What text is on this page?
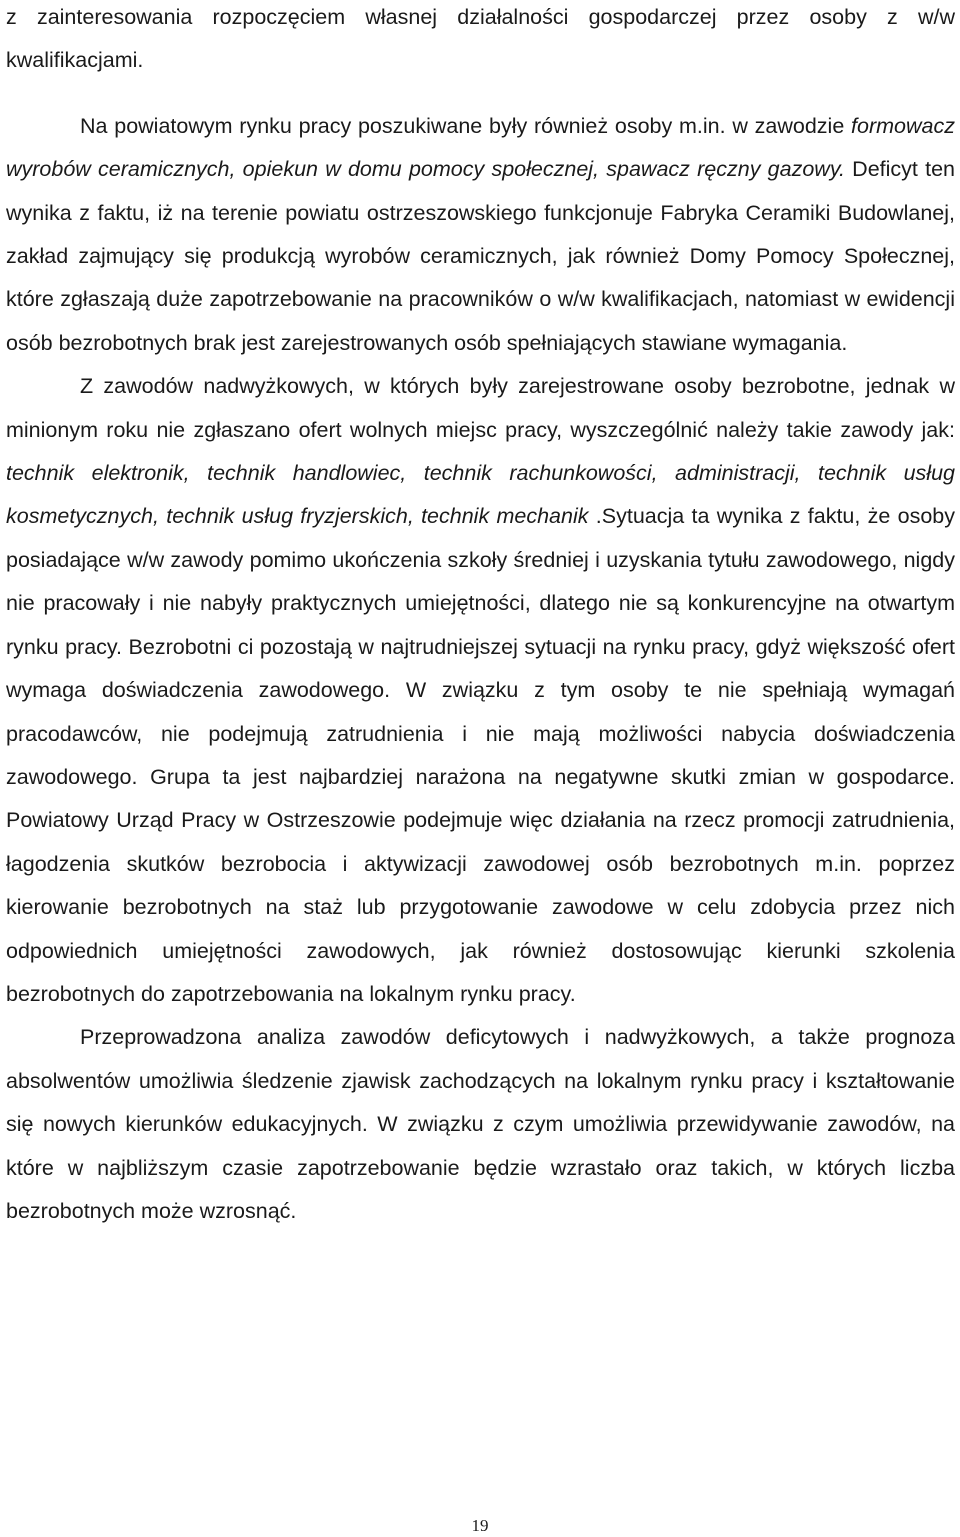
z zainteresowania rozpoczęciem własnej działalności gospodarczej przez osoby z w/w kwalifikacjami.

Na powiatowym rynku pracy poszukiwane były również osoby m.in. w zawodzie formowacz wyrobów ceramicznych, opiekun w domu pomocy społecznej, spawacz ręczny gazowy. Deficyt ten wynika z faktu, iż na terenie powiatu ostrzeszowskiego funkcjonuje Fabryka Ceramiki Budowlanej, zakład zajmujący się produkcją wyrobów ceramicznych, jak również Domy Pomocy Społecznej, które zgłaszają duże zapotrzebowanie na pracowników o w/w kwalifikacjach, natomiast w ewidencji osób bezrobotnych brak jest zarejestrowanych osób spełniających stawiane wymagania.

Z zawodów nadwyżkowych, w których były zarejestrowane osoby bezrobotne, jednak w minionym roku nie zgłaszano ofert wolnych miejsc pracy, wyszczególnić należy takie zawody jak: technik elektronik, technik handlowiec, technik rachunkowości, administracji, technik usług kosmetycznych, technik usług fryzjerskich, technik mechanik .Sytuacja ta wynika z faktu, że osoby posiadające w/w zawody pomimo ukończenia szkoły średniej i uzyskania tytułu zawodowego, nigdy nie pracowały i nie nabyły praktycznych umiejętności, dlatego nie są konkurencyjne na otwartym rynku pracy. Bezrobotni ci pozostają w najtrudniejszej sytuacji na rynku pracy, gdyż większość ofert wymaga doświadczenia zawodowego. W związku z tym osoby te nie spełniają wymagań pracodawców, nie podejmują zatrudnienia i nie mają możliwości nabycia doświadczenia zawodowego. Grupa ta jest najbardziej narażona na negatywne skutki zmian w gospodarce. Powiatowy Urząd Pracy w Ostrzeszowie podejmuje więc działania na rzecz promocji zatrudnienia, łagodzenia skutków bezrobocia i aktywizacji zawodowej osób bezrobotnych m.in. poprzez kierowanie bezrobotnych na staż lub przygotowanie zawodowe w celu zdobycia przez nich odpowiednich umiejętności zawodowych, jak również dostosowując kierunki szkolenia bezrobotnych do zapotrzebowania na lokalnym rynku pracy.

Przeprowadzona analiza zawodów deficytowych i nadwyżkowych, a także prognoza absolwentów umożliwia śledzenie zjawisk zachodzących na lokalnym rynku pracy i kształtowanie się nowych kierunków edukacyjnych. W związku z czym umożliwia przewidywanie zawodów, na które w najbliższym czasie zapotrzebowanie będzie wzrastało oraz takich, w których liczba bezrobotnych może wzrosnąć.

19
